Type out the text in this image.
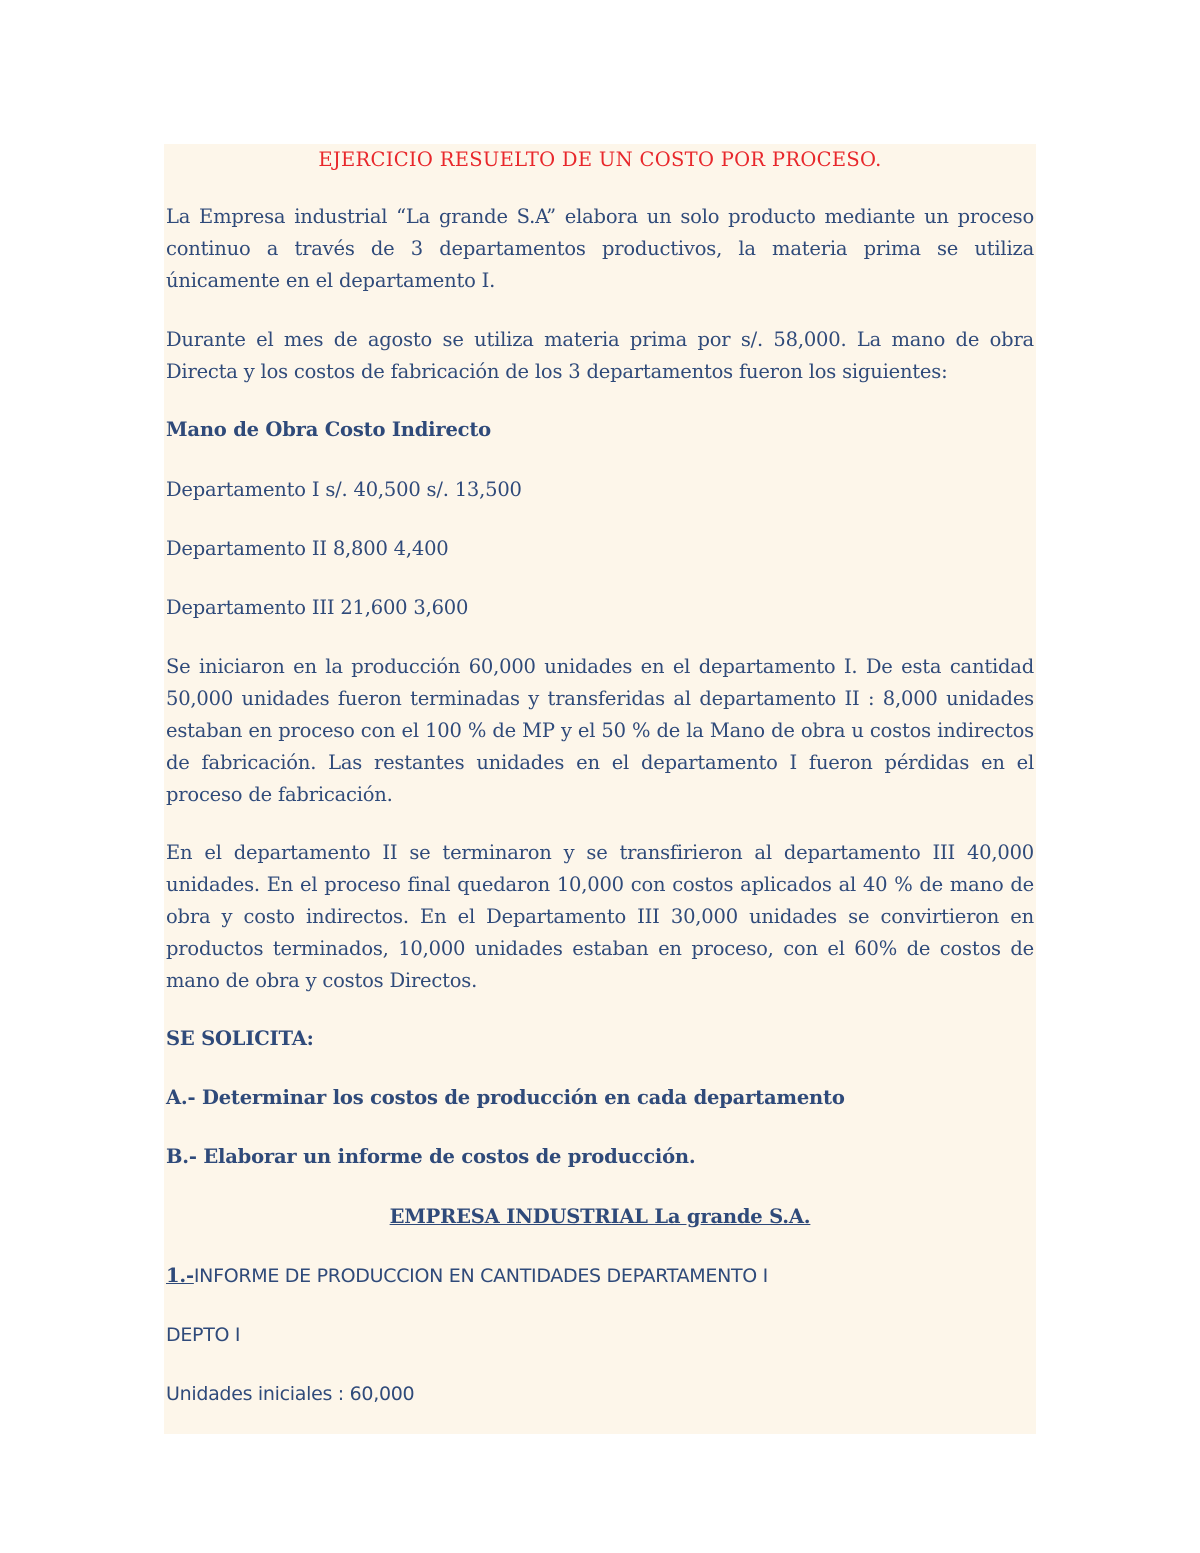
EJERCICIO RESUELTO DE UN COSTO POR PROCESO.
La Empresa industrial “La grande S.A” elabora un solo producto mediante un proceso continuo a través de 3 departamentos productivos, la materia prima se utiliza únicamente en el departamento I.
Durante el mes de agosto se utiliza materia prima por s/. 58,000. La mano de obra Directa y los costos de fabricación de los 3 departamentos fueron los siguientes:
Mano de Obra Costo Indirecto
Departamento I s/. 40,500 s/. 13,500
Departamento II 8,800 4,400
Departamento III 21,600 3,600
Se iniciaron en la producción 60,000 unidades en el departamento I. De esta cantidad 50,000 unidades fueron terminadas y transferidas al departamento II : 8,000 unidades estaban en proceso con el 100 % de MP y el 50 % de la Mano de obra u costos indirectos de fabricación. Las restantes unidades en el departamento I fueron pérdidas en el proceso de fabricación.
En el departamento II se terminaron y se transfirieron al departamento III 40,000 unidades. En el proceso final quedaron 10,000 con costos aplicados al 40 % de mano de obra y costo indirectos. En el Departamento III 30,000 unidades se convirtieron en productos terminados, 10,000 unidades estaban en proceso, con el 60% de costos de mano de obra y costos Directos.
SE SOLICITA:
A.- Determinar los costos de producción en cada departamento
B.- Elaborar un informe de costos de producción.
EMPRESA INDUSTRIAL La grande S.A.
1.-INFORME DE PRODUCCION EN CANTIDADES DEPARTAMENTO I
DEPTO I
Unidades iniciales : 60,000
